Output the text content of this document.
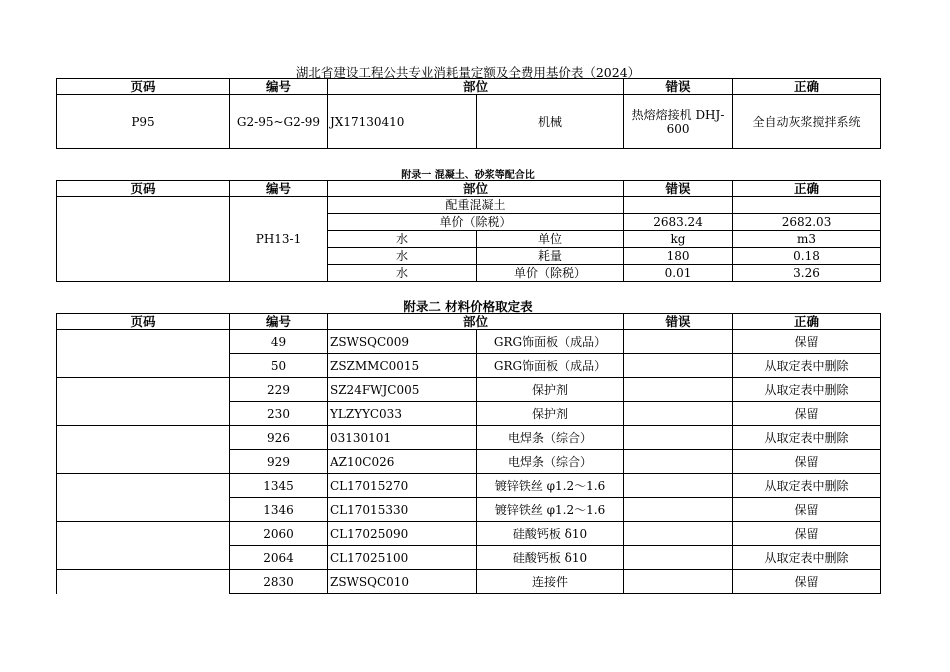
湖北省建设工程公共专业消耗量定额及全费用基价表（2024）
页码	编号	部位		错误	正确
P95	G2-95~G2-99	JX17130410	机械	热熔熔接机 DHJ-600	全自动灰浆搅拌系统
附录一 混凝土、砂浆等配合比
页码	编号	部位		错误	正确
	PH13-1	配重混凝土			
		单价（除税）		2683.24	2682.03
		水	单位	kg	m3
		水	耗量	180	0.18
		水	单价（除税）	0.01	3.26
附录二 材料价格取定表
页码	编号	部位		错误	正确
	49	ZSWSQC009	GRG饰面板（成品）		保留
	50	ZSZMMC0015	GRG饰面板（成品）		从取定表中删除
	229	SZ24FWJC005	保护剂		从取定表中删除
	230	YLZYYC033	保护剂		保留
	926	03130101	电焊条（综合）		从取定表中删除
	929	AZ10C026	电焊条（综合）		保留
	1345	CL17015270	镀锌铁丝 φ1.2～1.6		从取定表中删除
	1346	CL17015330	镀锌铁丝 φ1.2～1.6		保留
	2060	CL17025090	硅酸钙板 δ10		保留
	2064	CL17025100	硅酸钙板 δ10		从取定表中删除
	2830	ZSWSQC010	连接件		保留
